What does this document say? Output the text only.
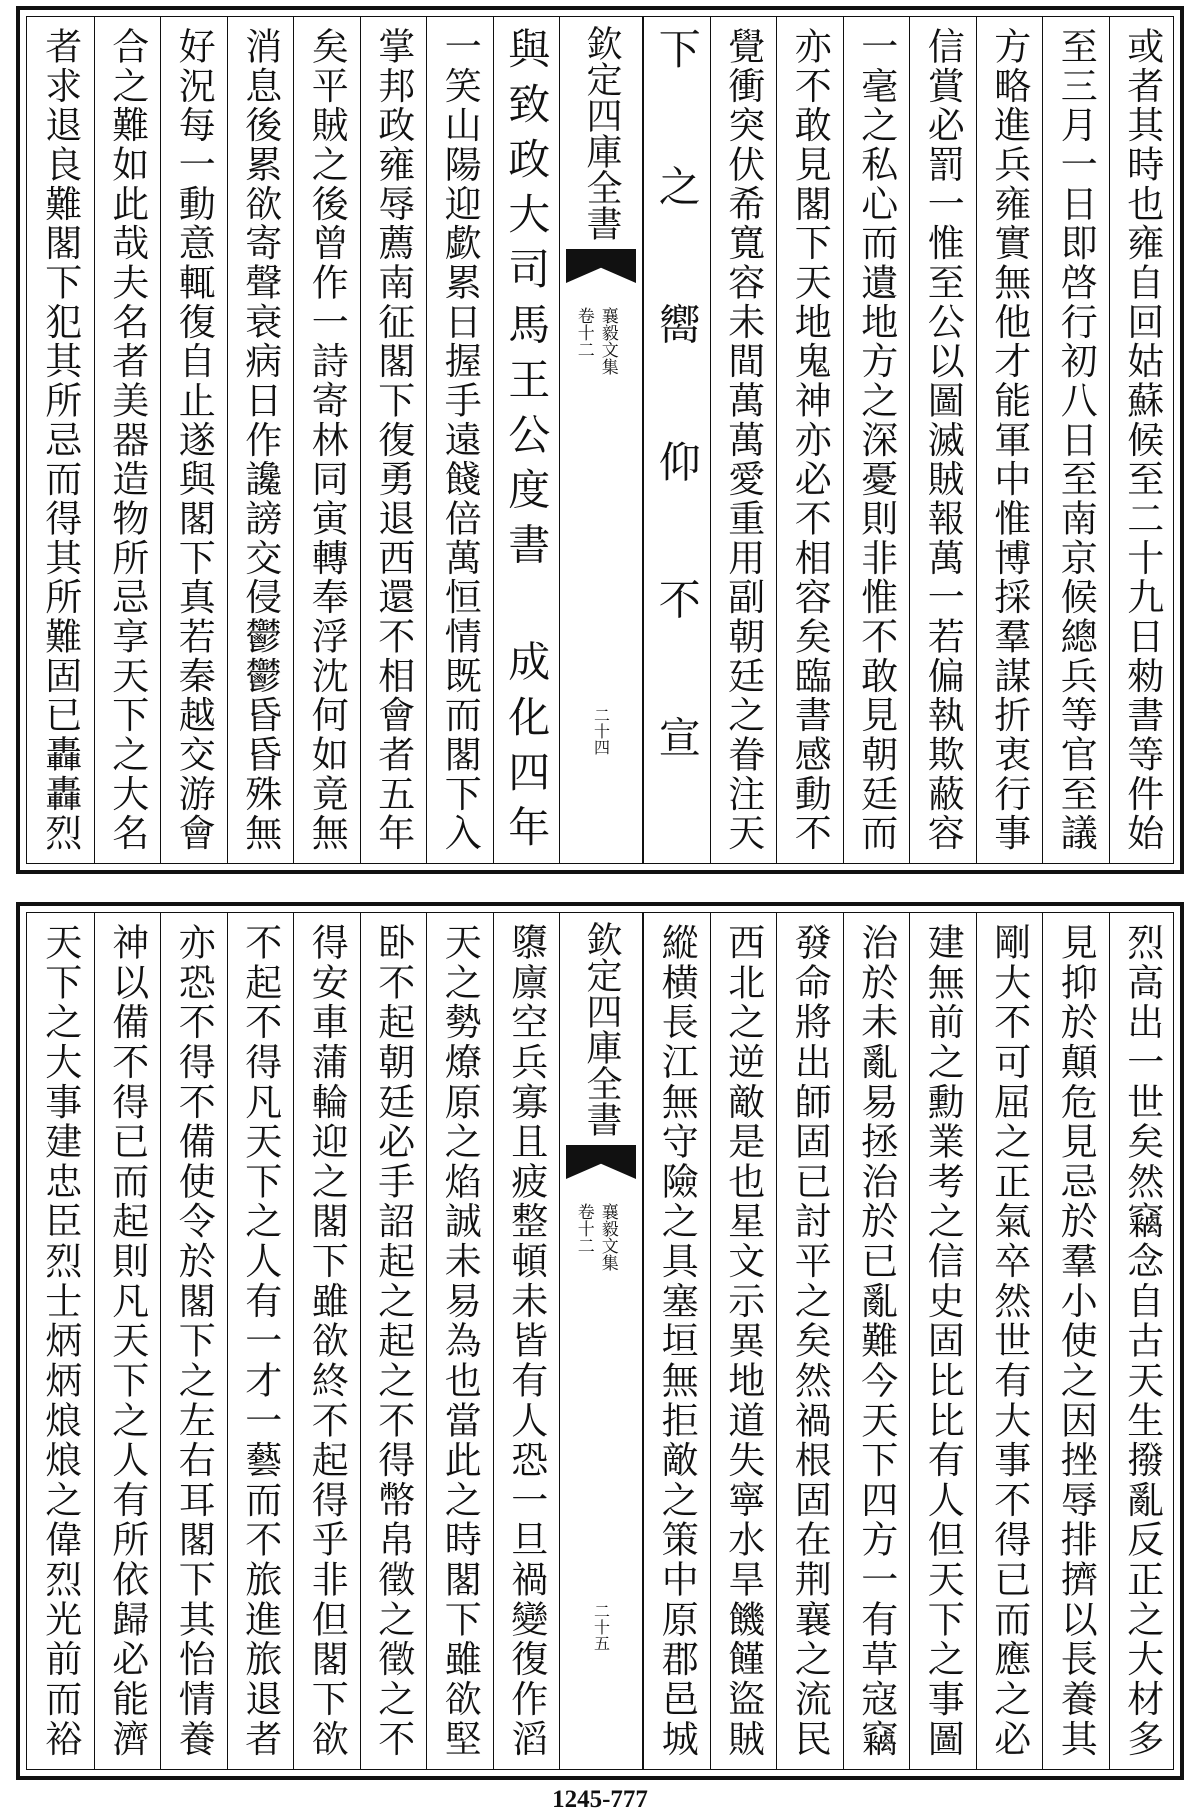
或者其時也雍自回姑蘇候至二十九日勑書等件始
至三月一日即啓行初八日至南京候總兵等官至議
方略進兵雍實無他才能軍中惟博採羣謀折衷行事
信賞必罰一惟至公以圖滅賊報萬一若偏執欺蔽容
一毫之私心而遺地方之深憂則非惟不敢見朝廷而
亦不敢見閣下天地鬼神亦必不相容矣臨書感動不
覺衝突伏希寬容未間萬萬愛重用副朝廷之眷注天
下之嚮仰不宣
欽定四庫全書
襄毅文集
卷十二
二十四
與致政大司馬王公度書 成化四年
一笑山陽迎歔累日握手遠餞倍萬恒情既而閣下入
掌邦政雍辱薦南征閣下復勇退西還不相會者五年
矣平賊之後曾作一詩寄林同寅轉奉浮沈何如竟無
消息後累欲寄聲衰病日作讒謗交侵鬱鬱昏昏殊無
好況每一動意輒復自止遂與閣下真若秦越交游會
合之難如此哉夫名者美器造物所忌享天下之大名
者求退良難閣下犯其所忌而得其所難固已轟轟烈
烈高出一世矣然竊念自古天生撥亂反正之大材多
見抑於顛危見忌於羣小使之因挫辱排擠以長養其
剛大不可屈之正氣卒然世有大事不得已而應之必
建無前之勳業考之信史固比比有人但天下之事圖
治於未亂易拯治於已亂難今天下四方一有草寇竊
發命將出師固已討平之矣然禍根固在荆襄之流民
西北之逆敵是也星文示異地道失寧水旱饑饉盜賊
縱横長江無守險之具塞垣無拒敵之策中原郡邑城
欽定四庫全書
襄毅文集
卷十二
二十五
隳廪空兵寡且疲整頓未皆有人恐一旦禍變復作滔
天之勢燎原之焰誠未易為也當此之時閣下雖欲堅
卧不起朝廷必手詔起之起之不得幣帛徵之徵之不
得安車蒲輪迎之閣下雖欲終不起得乎非但閣下欲
不起不得凡天下之人有一才一藝而不旅進旅退者
亦恐不得不備使令於閣下之左右耳閣下其怡情養
神以備不得已而起則凡天下之人有所依歸必能濟
天下之大事建忠臣烈士炳炳烺烺之偉烈光前而裕
1245-777
